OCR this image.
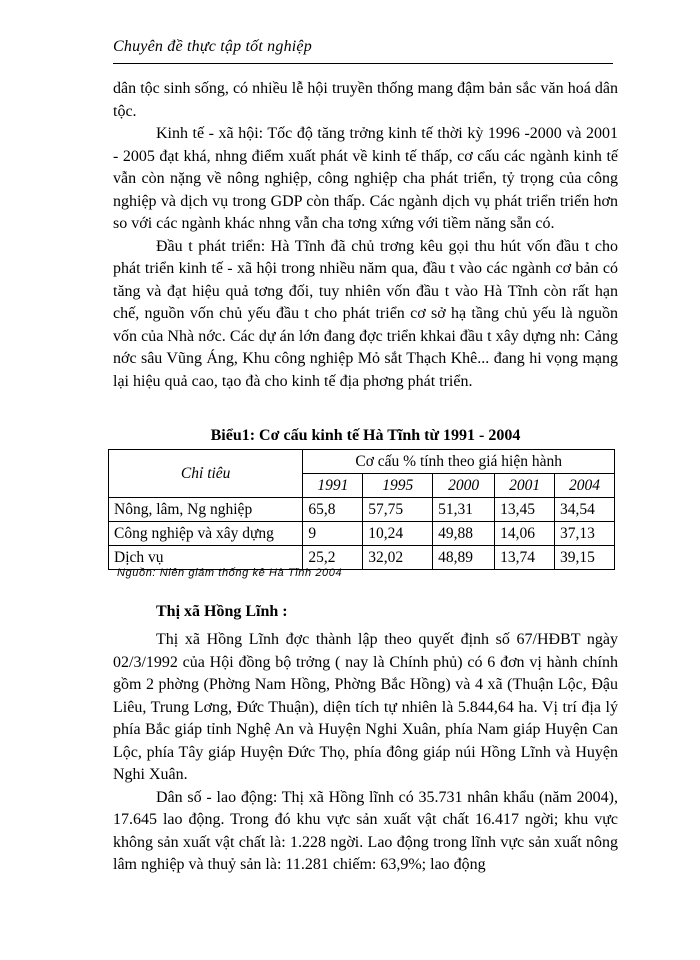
Chuyên đề thực tập tốt nghiệp

dân tộc sinh sống, có nhiều lễ hội truyền thống mang đậm bản sắc văn hoá dân tộc.

Kinh tế - xã hội: Tốc độ tăng trởng kinh tế thời kỳ 1996 -2000 và 2001 - 2005 đạt khá, nhng điểm xuất phát về kinh tế thấp, cơ cấu các ngành kinh tế vẫn còn nặng về nông nghiệp, công nghiệp cha phát triển, tỷ trọng của công nghiệp và dịch vụ trong GDP còn thấp. Các ngành dịch vụ phát triển triển hơn so với các ngành khác nhng vẫn cha tơng xứng với tiềm năng sẵn có.

Đầu t phát triển: Hà Tĩnh đã chủ trơng kêu gọi thu hút vốn đầu t cho phát triển kinh tế - xã hội trong nhiều năm qua, đầu t vào các ngành cơ bản có tăng và đạt hiệu quả tơng đối, tuy nhiên vốn đầu t vào Hà Tĩnh còn rất hạn chế, nguồn vốn chủ yếu đầu t cho phát triển cơ sở hạ tầng chủ yếu là nguồn vốn của Nhà nớc. Các dự án lớn đang đợc triển khkai đầu t xây dựng nh: Cảng nớc sâu Vũng Áng, Khu công nghiệp Mỏ sắt Thạch Khê... đang hi vọng mạng lại hiệu quả cao, tạo đà cho kinh tế địa phơng phát triển.

Biểu1: Cơ cấu kinh tế Hà Tĩnh từ 1991 - 2004
Chỉ tiêu	Cơ cấu % tính theo giá hiện hành				
	1991	1995	2000	2001	2004
Nông, lâm, Ng nghiệp	65,8	57,75	51,31	13,45	34,54
Công nghiệp và xây dựng	9	10,24	49,88	14,06	37,13
Dịch vụ	25,2	32,02	48,89	13,74	39,15
Nguồn: Niên giám thống kê Hà Tĩnh 2004
Thị xã Hồng Lĩnh :

Thị xã Hồng Lĩnh đợc thành lập theo quyết định số 67/HĐBT ngày 02/3/1992 của Hội đồng bộ trởng ( nay là Chính phủ) có 6 đơn vị hành chính gồm 2 phờng (Phờng Nam Hồng, Phờng Bắc Hồng) và 4 xã (Thuận Lộc, Đậu Liêu, Trung Lơng, Đức Thuận), diện tích tự nhiên là 5.844,64 ha. Vị trí địa lý phía Bắc giáp tỉnh Nghệ An và Huyện Nghi Xuân, phía Nam giáp Huyện Can Lộc, phía Tây giáp Huyện Đức Thọ, phía đông giáp núi Hồng Lĩnh và Huyện Nghi Xuân.

Dân số - lao động: Thị xã Hồng lĩnh có 35.731 nhân khẩu (năm 2004), 17.645 lao động. Trong đó khu vực sản xuất vật chất 16.417 ngời; khu vực không sản xuất vật chất là: 1.228 ngời. Lao động trong lĩnh vực sản xuất nông lâm nghiệp và thuỷ sản là: 11.281 chiếm: 63,9%; lao động
